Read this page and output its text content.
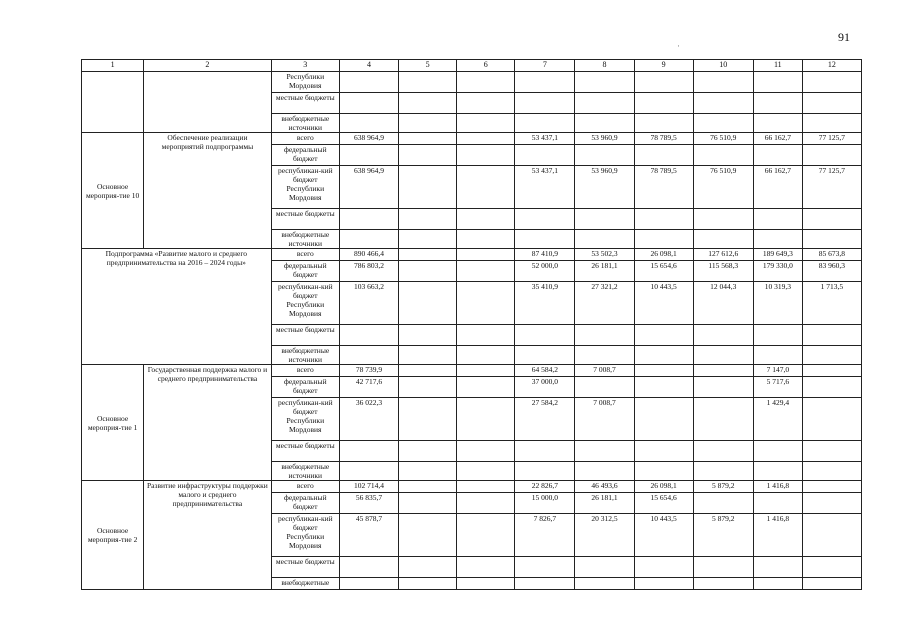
91
·
1	2	3	4	5	6	7	8	9	10	11	12
		Республики Мордовия									
		местные бюджеты									
		внебюджетные источники									
Основное мероприя-тие 10	Обеспечение реализации мероприятий подпрограммы	всего	638 964,9			53 437,1	53 960,9	78 789,5	76 510,9	66 162,7	77 125,7
		федеральный бюджет									
		республикан-кий бюджет Республики Мордовия	638 964,9			53 437,1	53 960,9	78 789,5	76 510,9	66 162,7	77 125,7
		местные бюджеты									
		внебюджетные источники									
Подпрограмма «Развитие малого и среднего предпринимательства на 2016 – 2024 годы»		всего	890 466,4			87 410,9	53 502,3	26 098,1	127 612,6	189 649,3	85 673,8
		федеральный бюджет	786 803,2			52 000,0	26 181,1	15 654,6	115 568,3	179 330,0	83 960,3
		республикан-кий бюджет Республики Мордовия	103 663,2			35 410,9	27 321,2	10 443,5	12 044,3	10 319,3	1 713,5
		местные бюджеты									
		внебюджетные источники									
Основное мероприя-тие 1	Государственная поддержка малого и среднего предпринимательства	всего	78 739,9			64 584,2	7 008,7			7 147,0	
		федеральный бюджет	42 717,6			37 000,0				5 717,6	
		республикан-кий бюджет Республики Мордовия	36 022,3			27 584,2	7 008,7			1 429,4	
		местные бюджеты									
		внебюджетные источники									
Основное мероприя-тие 2	Развитие инфраструктуры поддержки малого и среднего предпринимательства	всего	102 714,4			22 826,7	46 493,6	26 098,1	5 879,2	1 416,8	
		федеральный бюджет	56 835,7			15 000,0	26 181,1	15 654,6			
		республикан-кий бюджет Республики Мордовия	45 878,7			7 826,7	20 312,5	10 443,5	5 879,2	1 416,8	
		местные бюджеты									
		внебюджетные									
